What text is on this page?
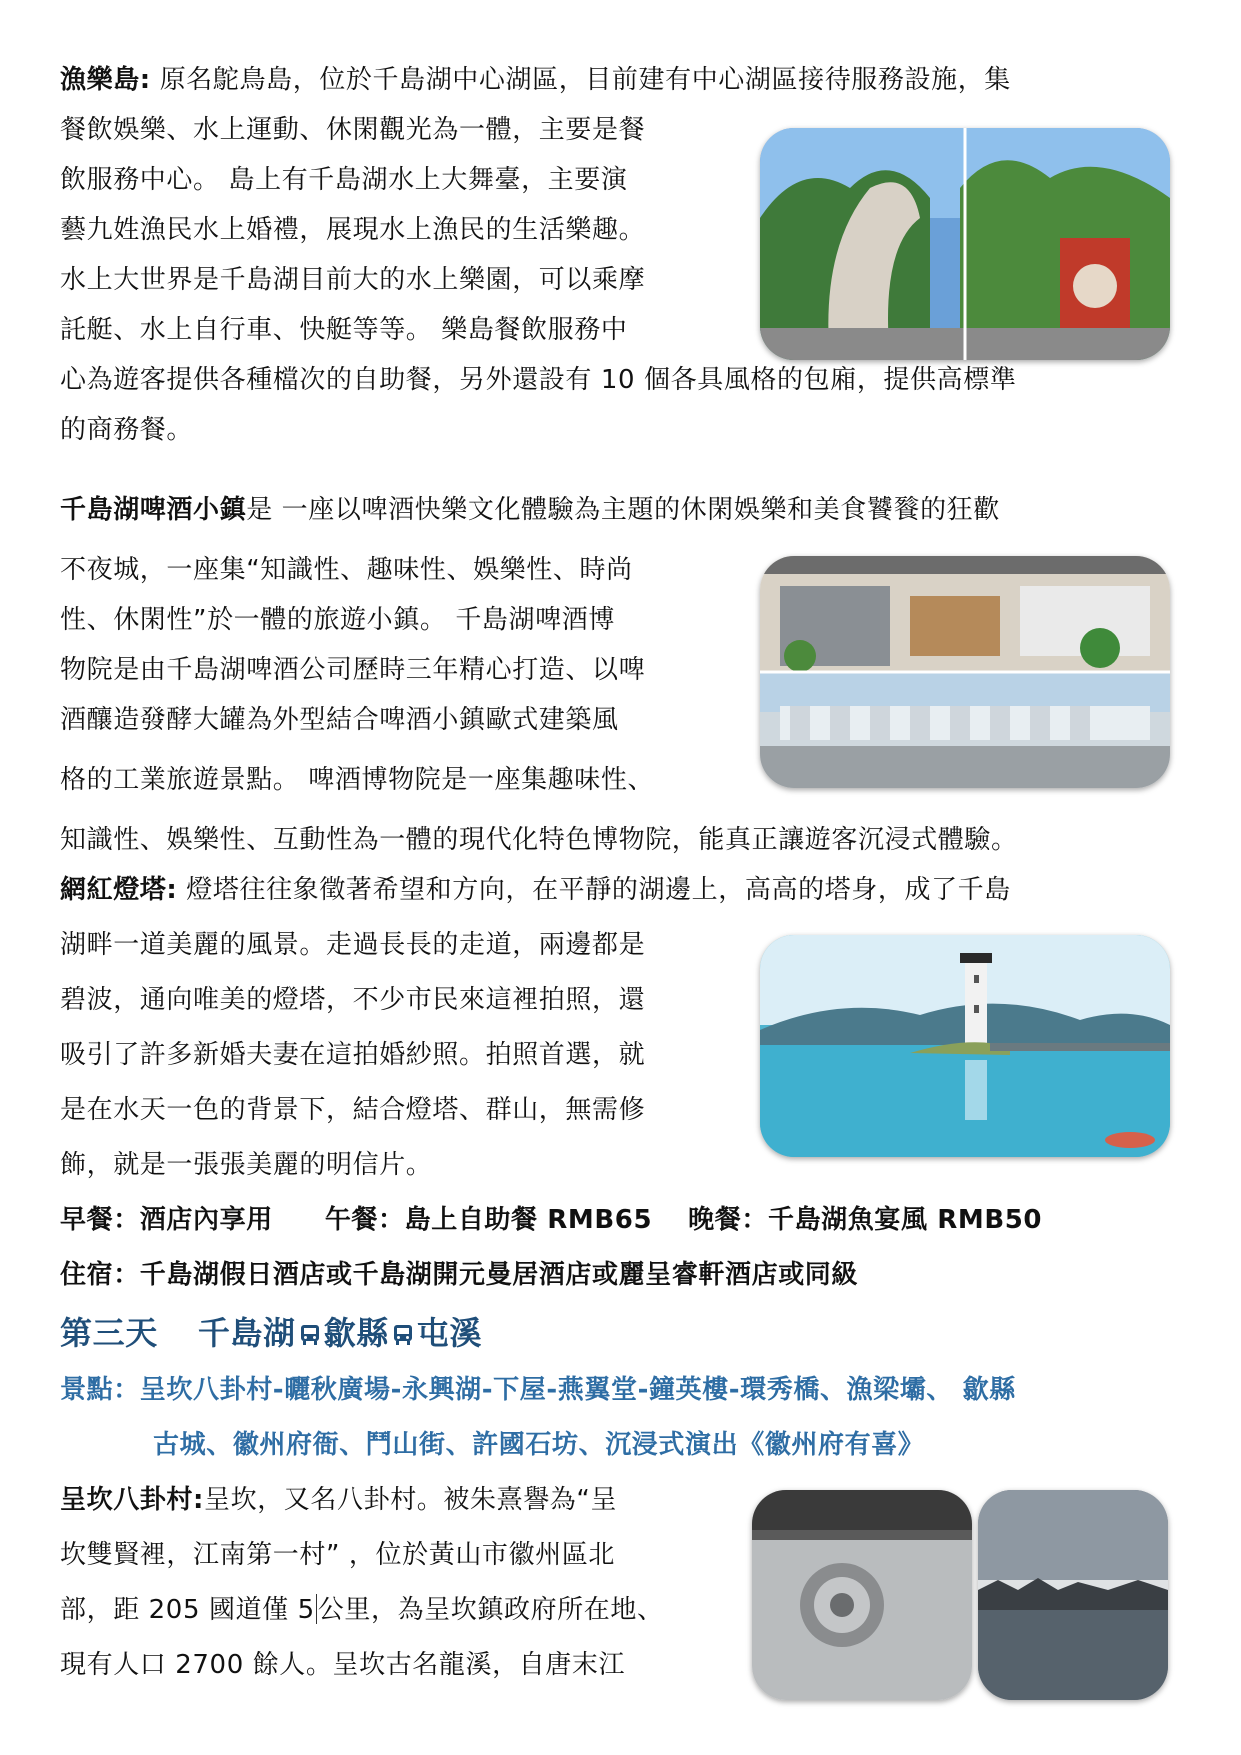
漁樂島: 原名鴕鳥島，位於千島湖中心湖區，目前建有中心湖區接待服務設施，集
餐飲娛樂、水上運動、休閑觀光為一體，主要是餐
飲服務中心。 島上有千島湖水上大舞臺，主要演
藝九姓漁民水上婚禮，展現水上漁民的生活樂趣。
水上大世界是千島湖目前大的水上樂園，可以乘摩
託艇、水上自行車、快艇等等。 樂島餐飲服務中
心為遊客提供各種檔次的自助餐，另外還設有 10 個各具風格的包廂，提供高標準
的商務餐。
千島湖啤酒小鎮是 一座以啤酒快樂文化體驗為主題的休閑娛樂和美食饕餮的狂歡
不夜城，一座集“知識性、趣味性、娛樂性、時尚
性、休閑性”於一體的旅遊小鎮。 千島湖啤酒博
物院是由千島湖啤酒公司歷時三年精心打造、以啤
酒釀造發酵大罐為外型結合啤酒小鎮歐式建築風
格的工業旅遊景點。 啤酒博物院是一座集趣味性、
知識性、娛樂性、互動性為一體的現代化特色博物院，能真正讓遊客沉浸式體驗。
網紅燈塔: 燈塔往往象徵著希望和方向，在平靜的湖邊上，高高的塔身，成了千島
湖畔一道美麗的風景。走過長長的走道，兩邊都是
碧波，通向唯美的燈塔，不少市民來這裡拍照，還
吸引了許多新婚夫妻在這拍婚紗照。拍照首選，就
是在水天一色的背景下，結合燈塔、群山，無需修
飾，就是一張張美麗的明信片。
早餐：酒店內享用 午餐：島上自助餐 RMB65 晚餐：千島湖魚宴風 RMB50
住宿：千島湖假日酒店或千島湖開元曼居酒店或麗呈睿軒酒店或同級
第三天 千島湖 歙縣 屯溪
景點：呈坎八卦村-曬秋廣場-永興湖-下屋-燕翼堂-鐘英樓-環秀橋、漁梁壩、 歙縣
古城、徽州府衙、鬥山街、許國石坊、沉浸式演出《徽州府有喜》
呈坎八卦村:呈坎，又名八卦村。被朱熹譽為“呈
坎雙賢裡，江南第一村” ，位於黃山市徽州區北
部，距 205 國道僅 5 公里，為呈坎鎮政府所在地、
現有人口 2700 餘人。呈坎古名龍溪，自唐末江
